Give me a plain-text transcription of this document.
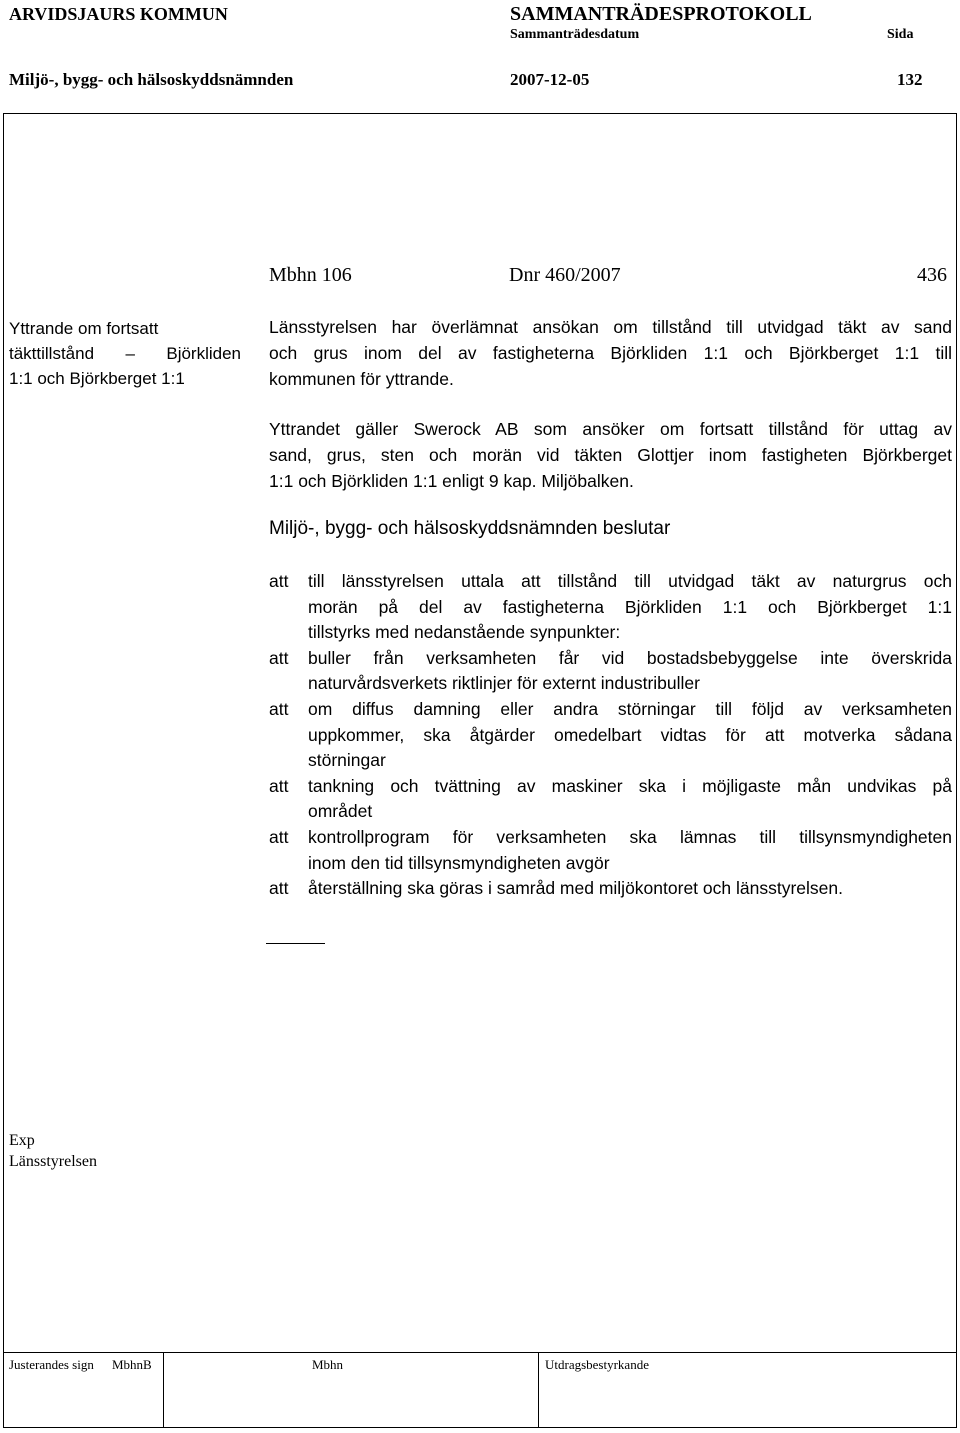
ARVIDSJAURS KOMMUN	SAMMANTRÄDESPROTOKOLL
Sammanträdesdatum	Sida
Miljö-, bygg- och hälsoskyddsnämnden	2007-12-05	132
Mbhn 106	Dnr 460/2007	436
Yttrande om fortsatt
täkttillstånd – Björkliden
1:1 och Björkberget 1:1
Länsstyrelsen har överlämnat ansökan om tillstånd till utvidgad täkt av sand
och grus inom del av fastigheterna Björkliden 1:1 och Björkberget 1:1 till
kommunen för yttrande.
Yttrandet gäller Swerock AB som ansöker om fortsatt tillstånd för uttag av
sand, grus, sten och morän vid täkten Glottjer inom fastigheten Björkberget
1:1 och Björkliden 1:1 enligt 9 kap. Miljöbalken.
Miljö-, bygg- och hälsoskyddsnämnden beslutar
att till länsstyrelsen uttala att tillstånd till utvidgad täkt av naturgrus och
morän på del av fastigheterna Björkliden 1:1 och Björkberget 1:1
tillstyrks med nedanstående synpunkter:
att buller från verksamheten får vid bostadsbebyggelse inte överskrida
naturvårdsverkets riktlinjer för externt industribuller
att om diffus damning eller andra störningar till följd av verksamheten
uppkommer, ska åtgärder omedelbart vidtas för att motverka sådana
störningar
att tankning och tvättning av maskiner ska i möjligaste mån undvikas på
området
att kontrollprogram för verksamheten ska lämnas till tillsynsmyndigheten
inom den tid tillsynsmyndigheten avgör
att återställning ska göras i samråd med miljökontoret och länsstyrelsen.
Exp
Länsstyrelsen
Justerandes sign MbhnB	Mbhn	Utdragsbestyrkande
